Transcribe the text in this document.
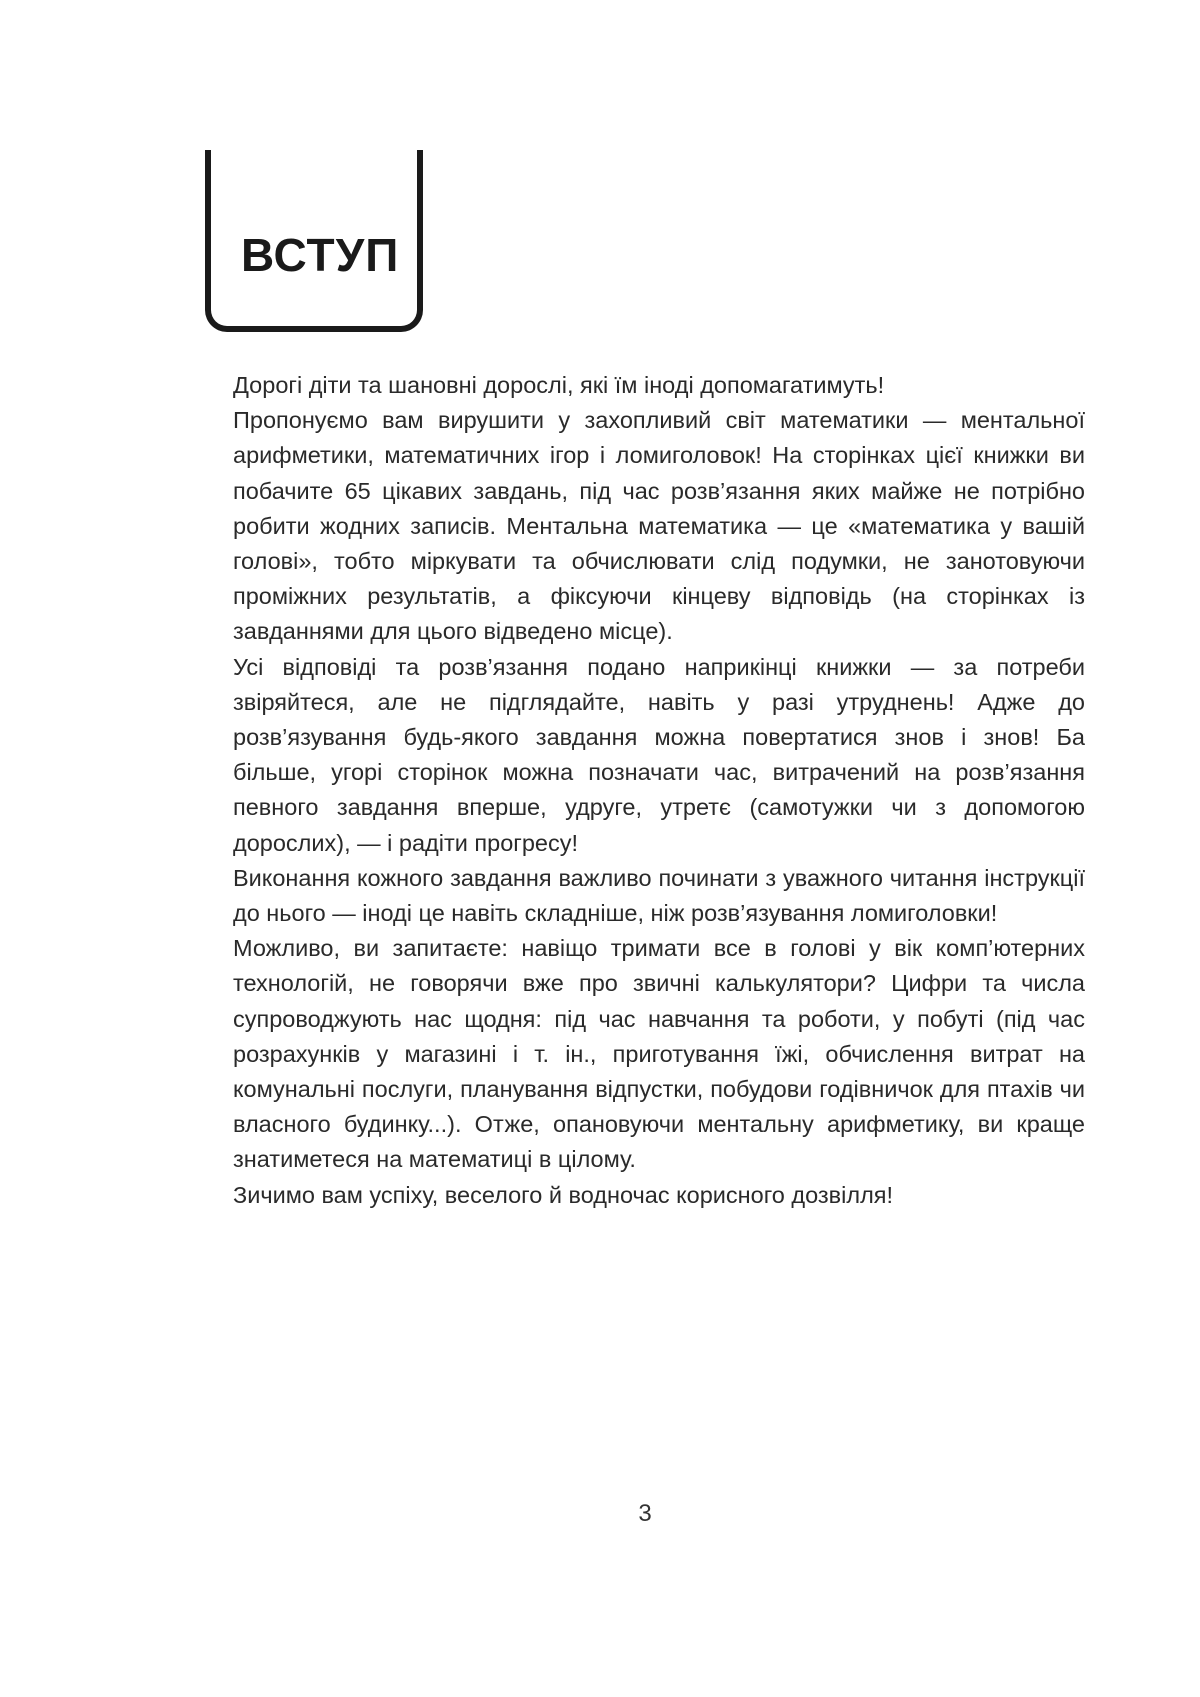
ВСТУП

Дорогі діти та шановні дорослі, які їм іноді допомагатимуть!

Пропонуємо вам вирушити у захопливий світ математики — ментальної арифметики, математичних ігор і ломиголовок! На сторінках цієї книжки ви побачите 65 цікавих завдань, під час розв’язання яких майже не потрібно робити жодних записів. Ментальна математика — це «математика у вашій голові», тобто міркувати та обчислювати слід подумки, не занотовуючи проміжних результатів, а фіксуючи кінцеву відповідь (на сторінках із завданнями для цього відведено місце).

Усі відповіді та розв’язання подано наприкінці книжки — за потреби звіряйтеся, але не підглядайте, навіть у разі утруднень! Адже до розв’язування будь-якого завдання можна повертатися знов і знов! Ба більше, угорі сторінок можна позначати час, витрачений на розв’язання певного завдання вперше, удруге, утретє (самотужки чи з допомогою дорослих), — і радіти прогресу!

Виконання кожного завдання важливо починати з уважного читання інструкції до нього — іноді це навіть складніше, ніж розв’язування ломиголовки!

Можливо, ви запитаєте: навіщо тримати все в голові у вік комп’ютерних технологій, не говорячи вже про звичні калькулятори? Цифри та числа супроводжують нас щодня: під час навчання та роботи, у побуті (під час розрахунків у магазині і т. ін., приготування їжі, обчислення витрат на комунальні послуги, планування відпустки, побудови годівничок для птахів чи власного будинку...). Отже, опановуючи ментальну арифметику, ви краще знатиметеся на математиці в цілому.

Зичимо вам успіху, веселого й водночас корисного дозвілля!

3
